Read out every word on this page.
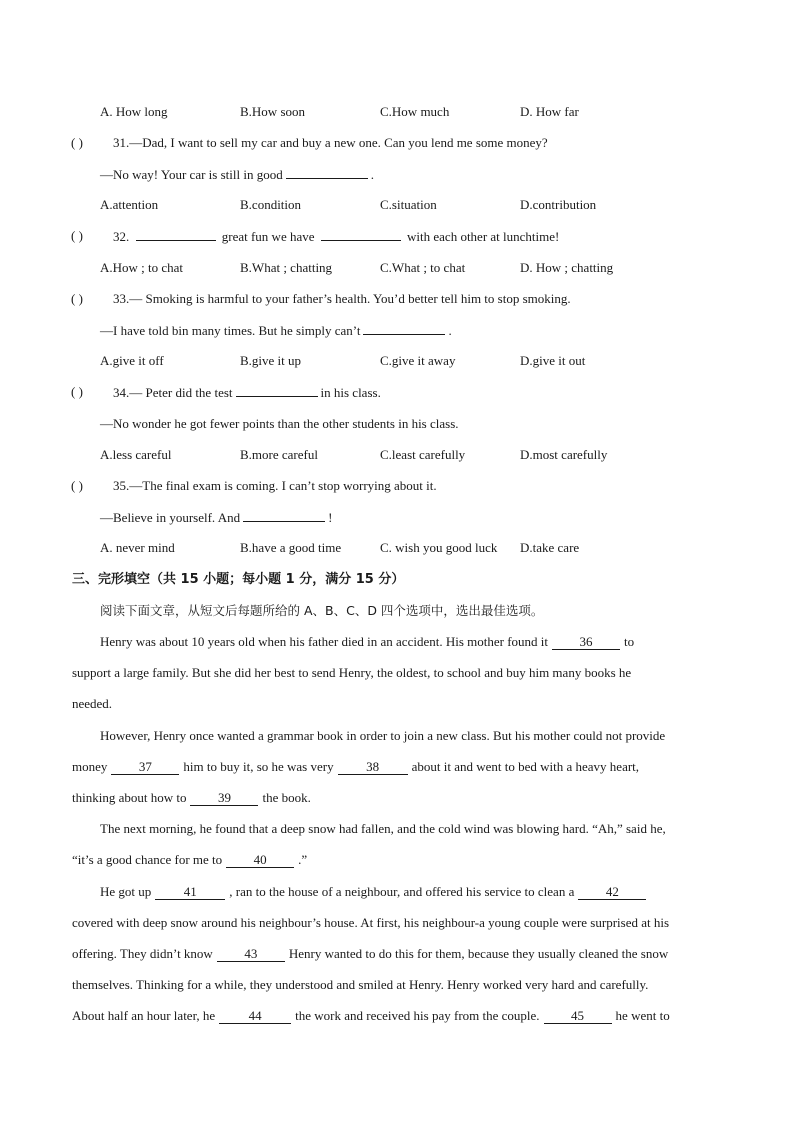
A. How long	B.How soon	C.How much	D. How far
( ) 31.—Dad, I want to sell my car and buy a new one. Can you lend me some money?
—No way! Your car is still in good	.
A.attention	B.condition	C.situation	D.contribution
( ) 32.	great fun we have	with each other at lunchtime!
A.How ; to chat	B.What ; chatting	C.What ; to chat	D. How ; chatting
( ) 33.— Smoking is harmful to your father’s health. You’d better tell him to stop smoking.
—I have told bin many times. But he simply can’t	.
A.give it off	B.give it up	C.give it away	D.give it out
( ) 34.— Peter did the test	in his class.
—No wonder he got fewer points than the other students in his class.
A.less careful	B.more careful	C.least carefully	D.most carefully
( ) 35.—The final exam is coming. I can’t stop worrying about it.
—Believe in yourself. And	!
A. never mind	B.have a good time	C. wish you good luck D.take care
三、完形填空（共 15 小题；每小题 1 分，满分 15 分）
阅读下面文章，从短文后每题所给的 A、B、C、D 四个选项中，选出最佳选项。
Henry was about 10 years old when his father died in an accident. His mother found it 36 to
support a large family. But she did her best to send Henry, the oldest, to school and buy him many books he
needed.
However, Henry once wanted a grammar book in order to join a new class. But his mother could not provide
money 37 him to buy it, so he was very	38	about it and went to bed with a heavy heart,
thinking about how to 39 the book.
The next morning, he found that a deep snow had fallen, and the cold wind was blowing hard. “Ah,” said he,
“it’s a good chance for me to 40 .”
He got up	41	, ran to the house of a neighbour, and offered his service to clean a 42
covered with deep snow around his neighbour’s house. At first, his neighbour-a young couple were surprised at his
offering. They didn’t know 43 Henry wanted to do this for them, because they usually cleaned the snow
themselves. Thinking for a while, they understood and smiled at Henry. Henry worked very hard and carefully.
About half an hour later, he	44	the work and received his pay from the couple. 45 he went to
